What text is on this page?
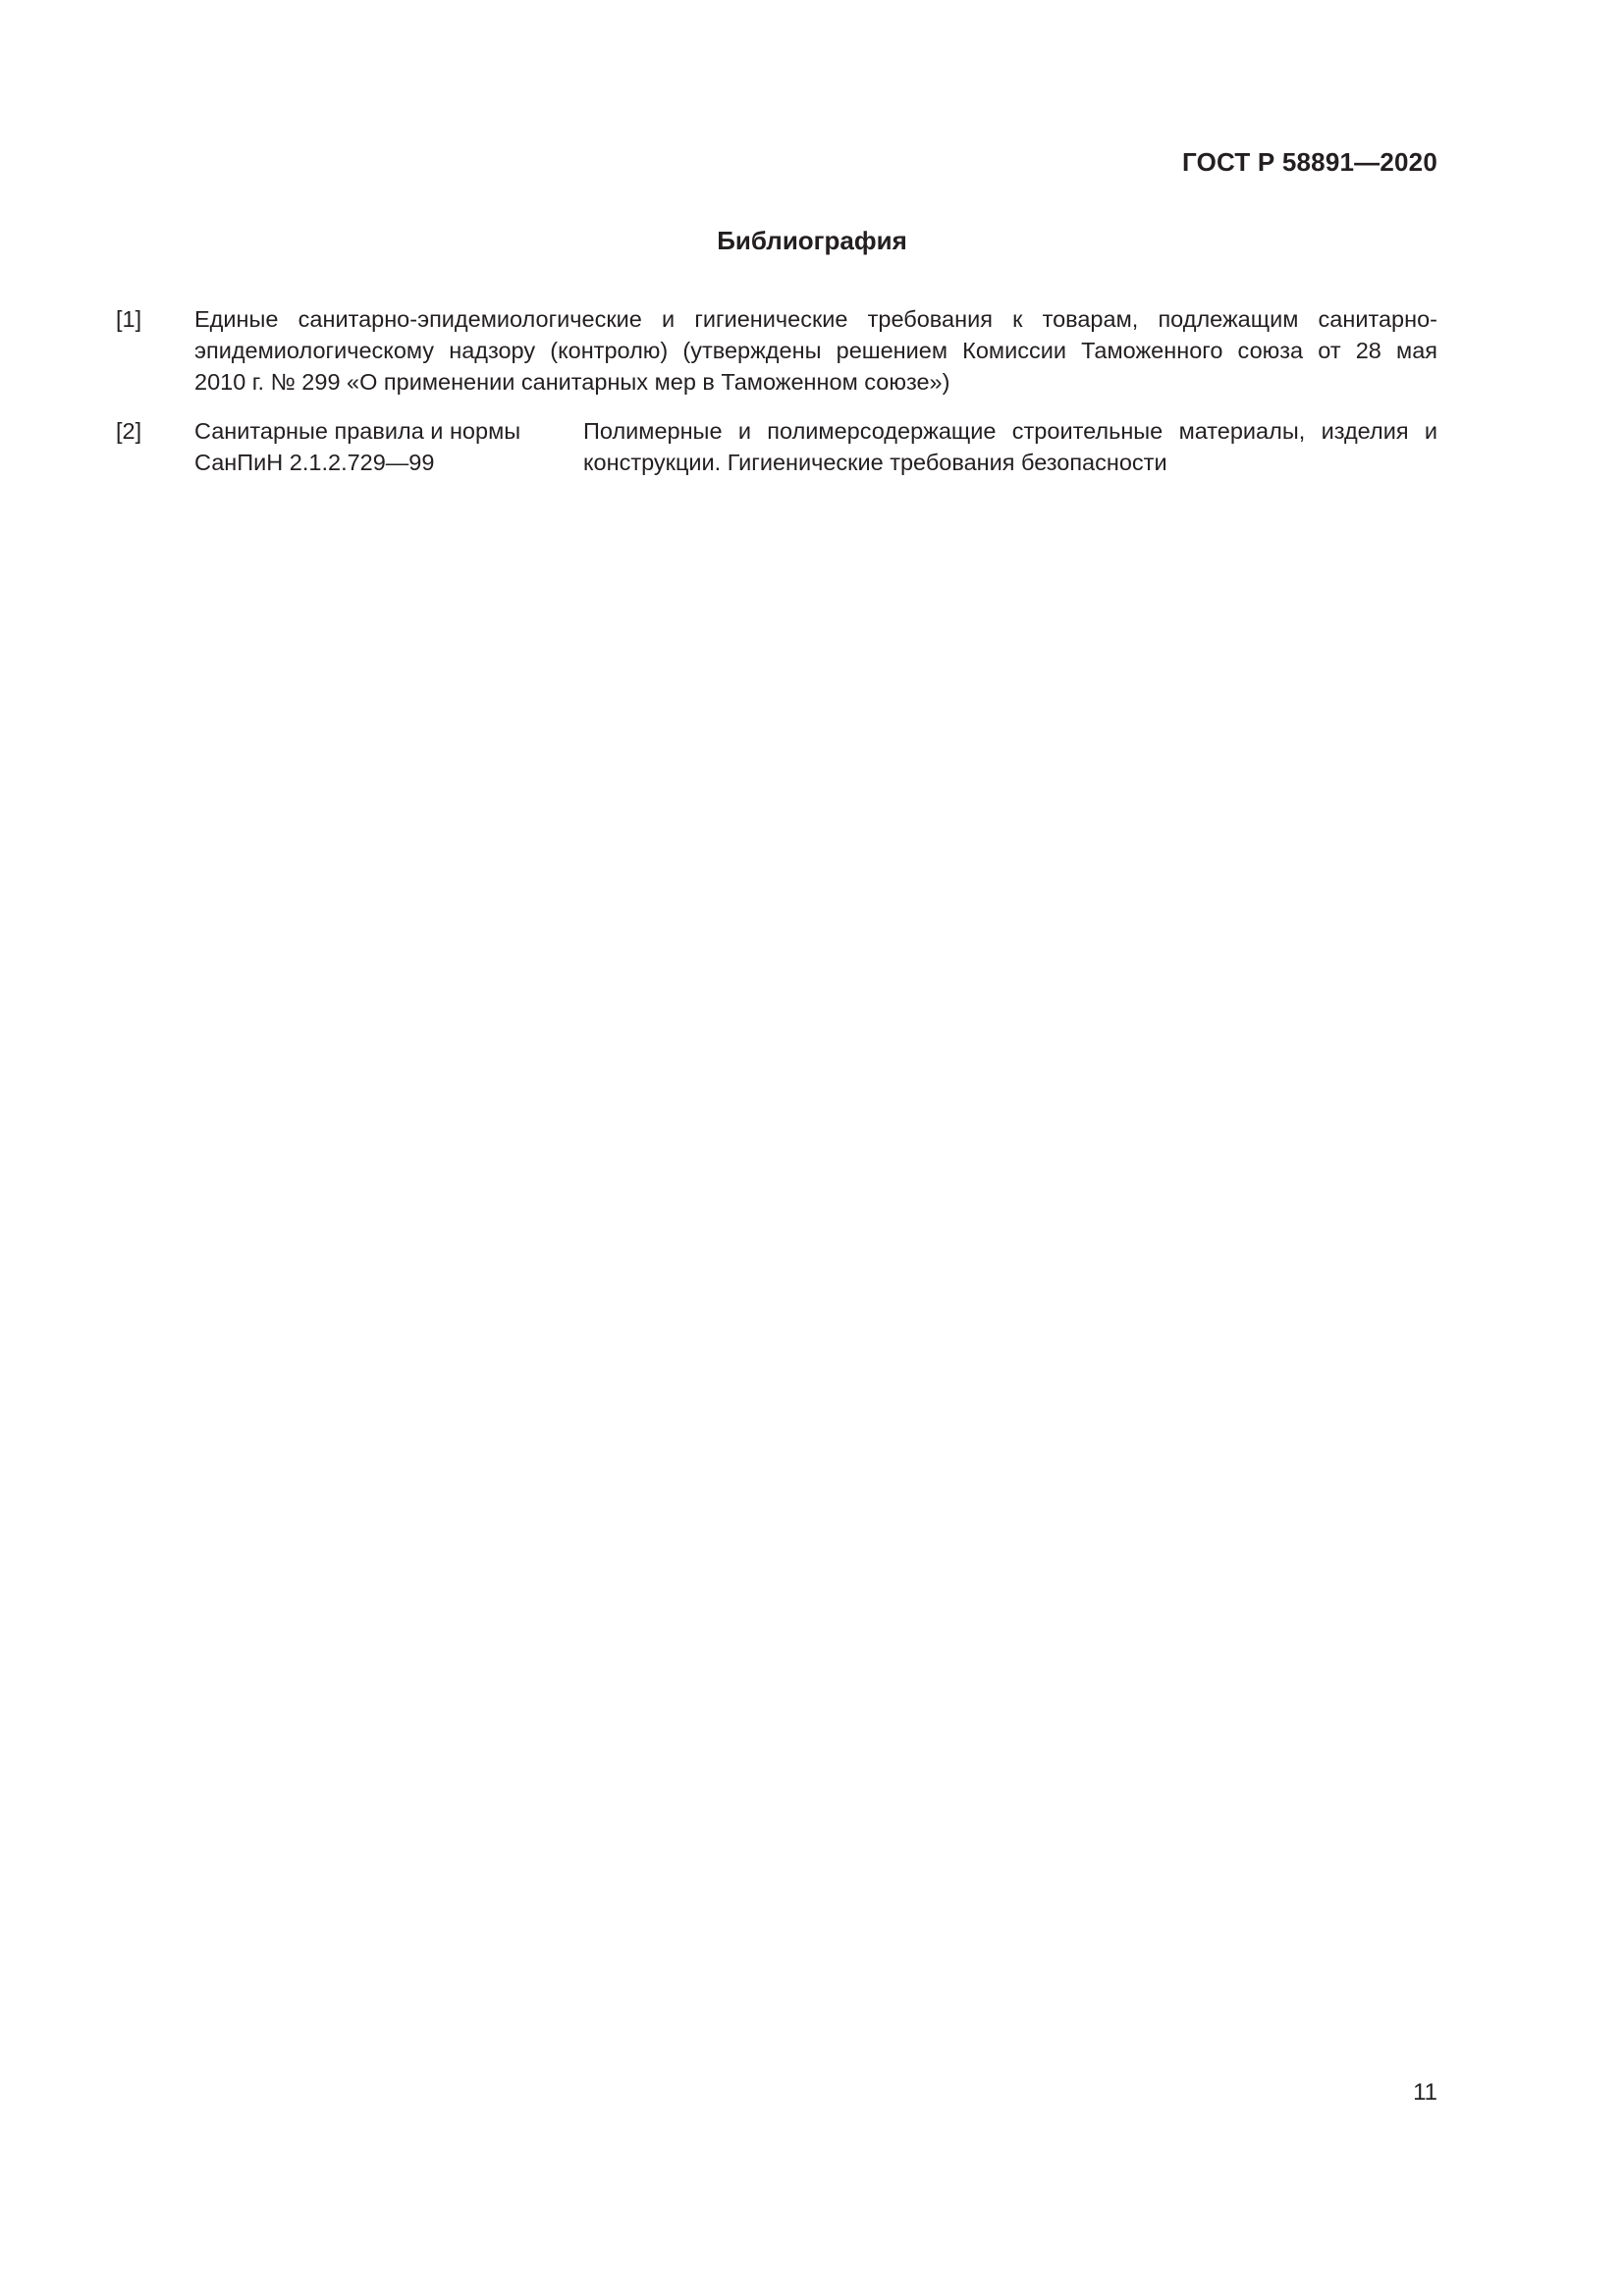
ГОСТ Р 58891—2020
Библиография
[1] Единые санитарно-эпидемиологические и гигиенические требования к товарам, подлежащим санитарно-
эпидемиологическому надзору (контролю) (утверждены решением Комиссии Таможенного союза от 28 мая
2010 г. № 299 «О применении санитарных мер в Таможенном союзе»)
[2] Санитарные правила и нормы
СанПиН 2.1.2.729—99
Полимерные и полимерсодержащие строительные материалы, изделия и
конструкции. Гигиенические требования безопасности
11
